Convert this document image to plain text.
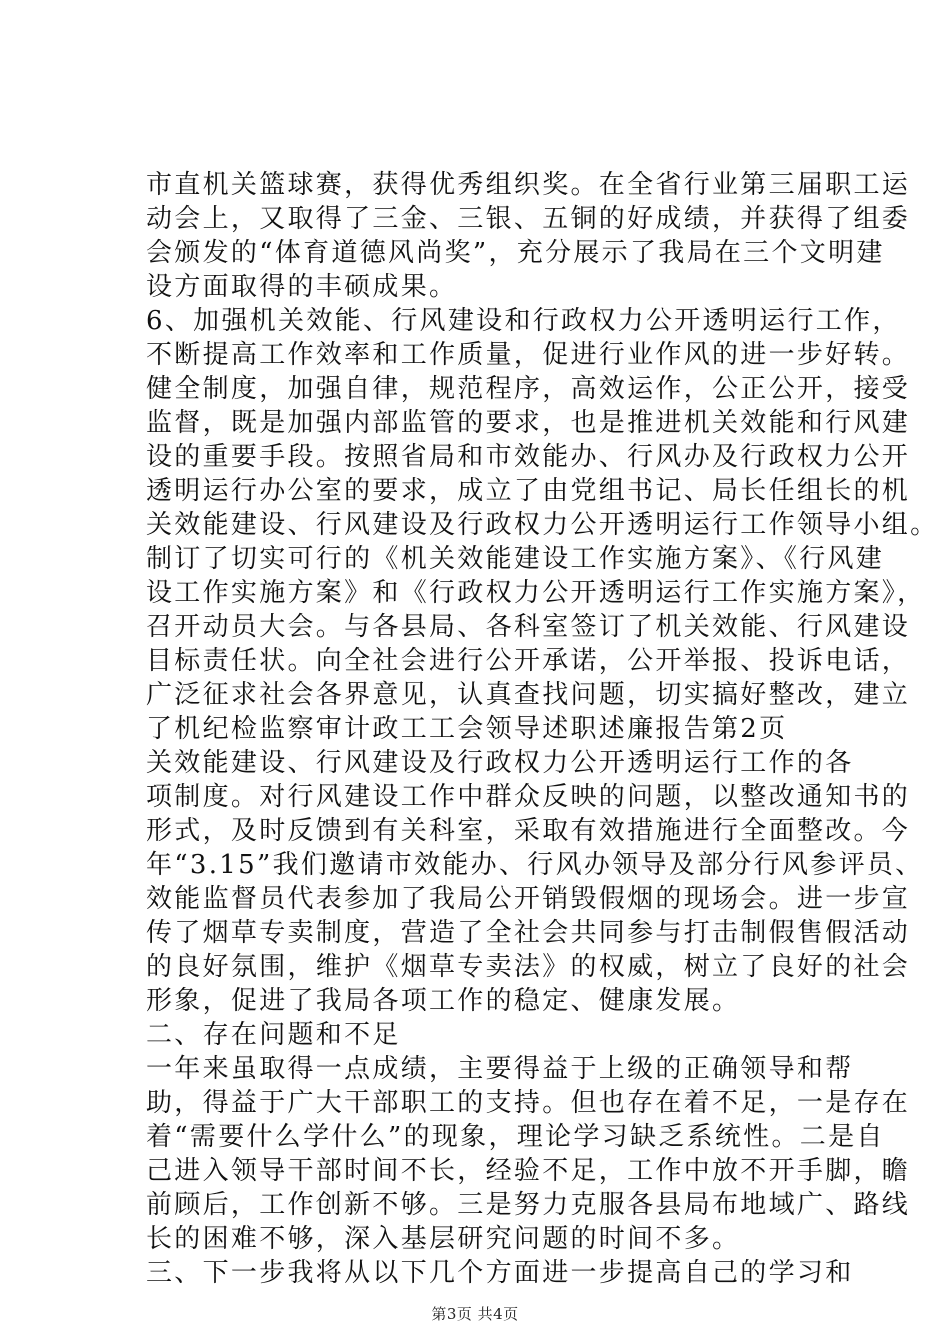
市直机关篮球赛，获得优秀组织奖。在全省行业第三届职工运
动会上，又取得了三金、三银、五铜的好成绩，并获得了组委
会颁发的“体育道德风尚奖”，充分展示了我局在三个文明建
设方面取得的丰硕成果。
6、加强机关效能、行风建设和行政权力公开透明运行工作，
不断提高工作效率和工作质量，促进行业作风的进一步好转。
健全制度，加强自律，规范程序，高效运作，公正公开，接受
监督，既是加强内部监管的要求，也是推进机关效能和行风建
设的重要手段。按照省局和市效能办、行风办及行政权力公开
透明运行办公室的要求，成立了由党组书记、局长任组长的机
关效能建设、行风建设及行政权力公开透明运行工作领导小组。
制订了切实可行的《机关效能建设工作实施方案》、《行风建
设工作实施方案》和《行政权力公开透明运行工作实施方案》，
召开动员大会。与各县局、各科室签订了机关效能、行风建设
目标责任状。向全社会进行公开承诺，公开举报、投诉电话，
广泛征求社会各界意见，认真查找问题，切实搞好整改，建立
了机纪检监察审计政工工会领导述职述廉报告第2页
关效能建设、行风建设及行政权力公开透明运行工作的各
项制度。对行风建设工作中群众反映的问题，以整改通知书的
形式，及时反馈到有关科室，采取有效措施进行全面整改。今
年“3.15”我们邀请市效能办、行风办领导及部分行风参评员、
效能监督员代表参加了我局公开销毁假烟的现场会。进一步宣
传了烟草专卖制度，营造了全社会共同参与打击制假售假活动
的良好氛围，维护《烟草专卖法》的权威，树立了良好的社会
形象，促进了我局各项工作的稳定、健康发展。
二、存在问题和不足
一年来虽取得一点成绩，主要得益于上级的正确领导和帮
助，得益于广大干部职工的支持。但也存在着不足，一是存在
着“需要什么学什么”的现象，理论学习缺乏系统性。二是自
己进入领导干部时间不长，经验不足，工作中放不开手脚，瞻
前顾后，工作创新不够。三是努力克服各县局布地域广、路线
长的困难不够，深入基层研究问题的时间不多。
三、下一步我将从以下几个方面进一步提高自己的学习和
第3页 共4页
